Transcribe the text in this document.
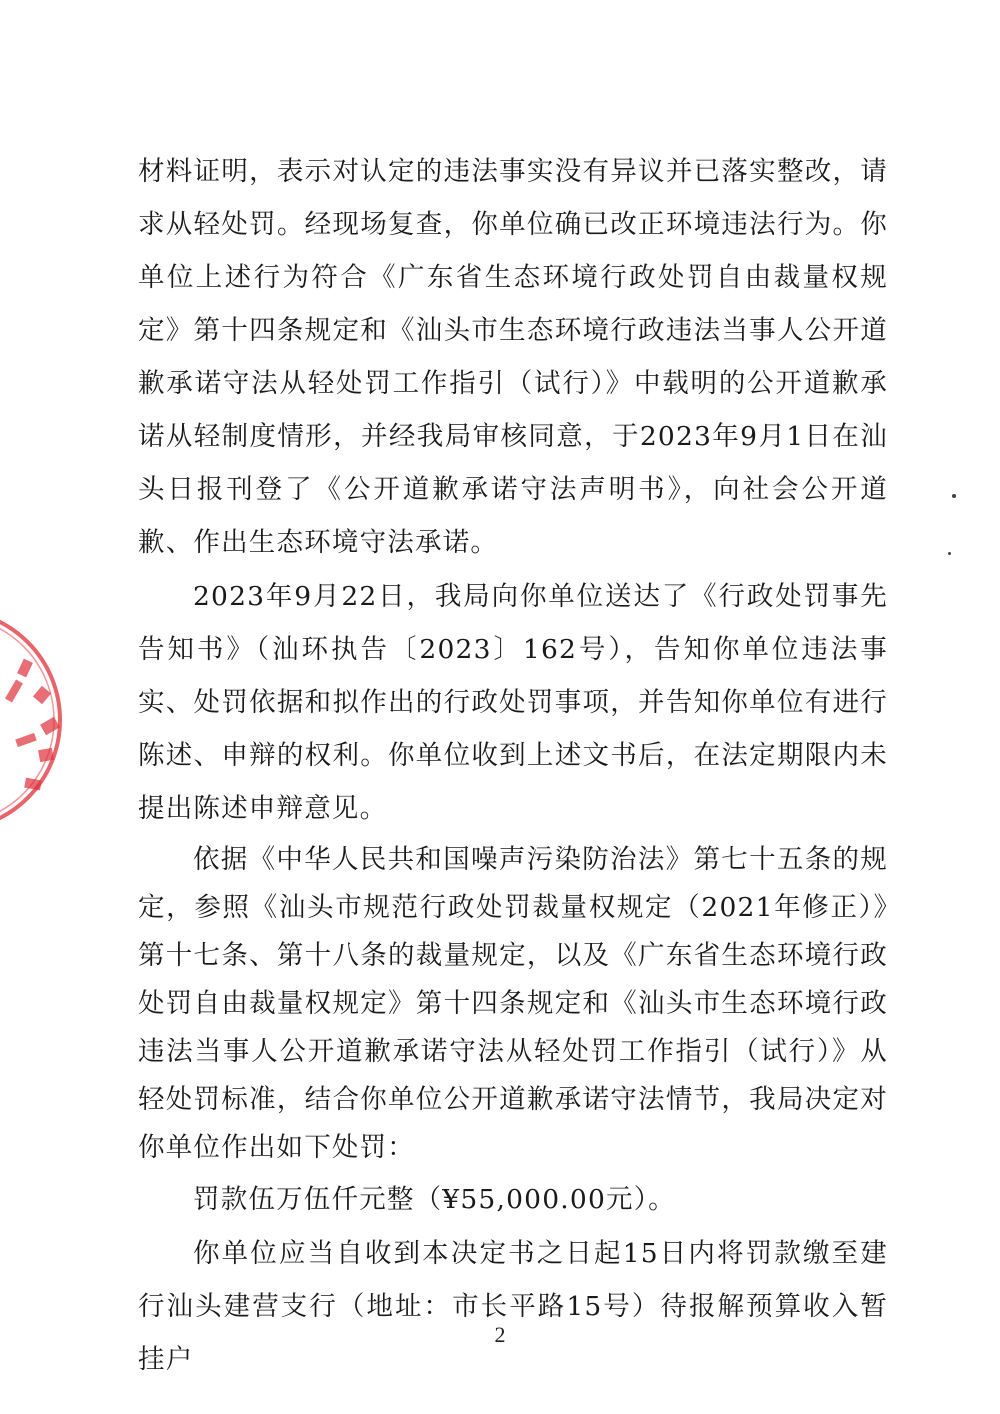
材料证明，表示对认定的违法事实没有异议并已落实整改，请求从轻处罚。经现场复查，你单位确已改正环境违法行为。你单位上述行为符合《广东省生态环境行政处罚自由裁量权规定》第十四条规定和《汕头市生态环境行政违法当事人公开道歉承诺守法从轻处罚工作指引（试行）》中载明的公开道歉承诺从轻制度情形，并经我局审核同意，于2023年9月1日在汕头日报刊登了《公开道歉承诺守法声明书》，向社会公开道歉、作出生态环境守法承诺。

2023年9月22日，我局向你单位送达了《行政处罚事先告知书》（汕环执告〔2023〕162号），告知你单位违法事实、处罚依据和拟作出的行政处罚事项，并告知你单位有进行陈述、申辩的权利。你单位收到上述文书后，在法定期限内未提出陈述申辩意见。

依据《中华人民共和国噪声污染防治法》第七十五条的规定，参照《汕头市规范行政处罚裁量权规定（2021年修正）》第十七条、第十八条的裁量规定，以及《广东省生态环境行政处罚自由裁量权规定》第十四条规定和《汕头市生态环境行政违法当事人公开道歉承诺守法从轻处罚工作指引（试行）》从轻处罚标准，结合你单位公开道歉承诺守法情节，我局决定对你单位作出如下处罚：

罚款伍万伍仟元整（¥55,000.00元）。

你单位应当自收到本决定书之日起15日内将罚款缴至建行汕头建营支行（地址：市长平路15号）待报解预算收入暂挂户

2
